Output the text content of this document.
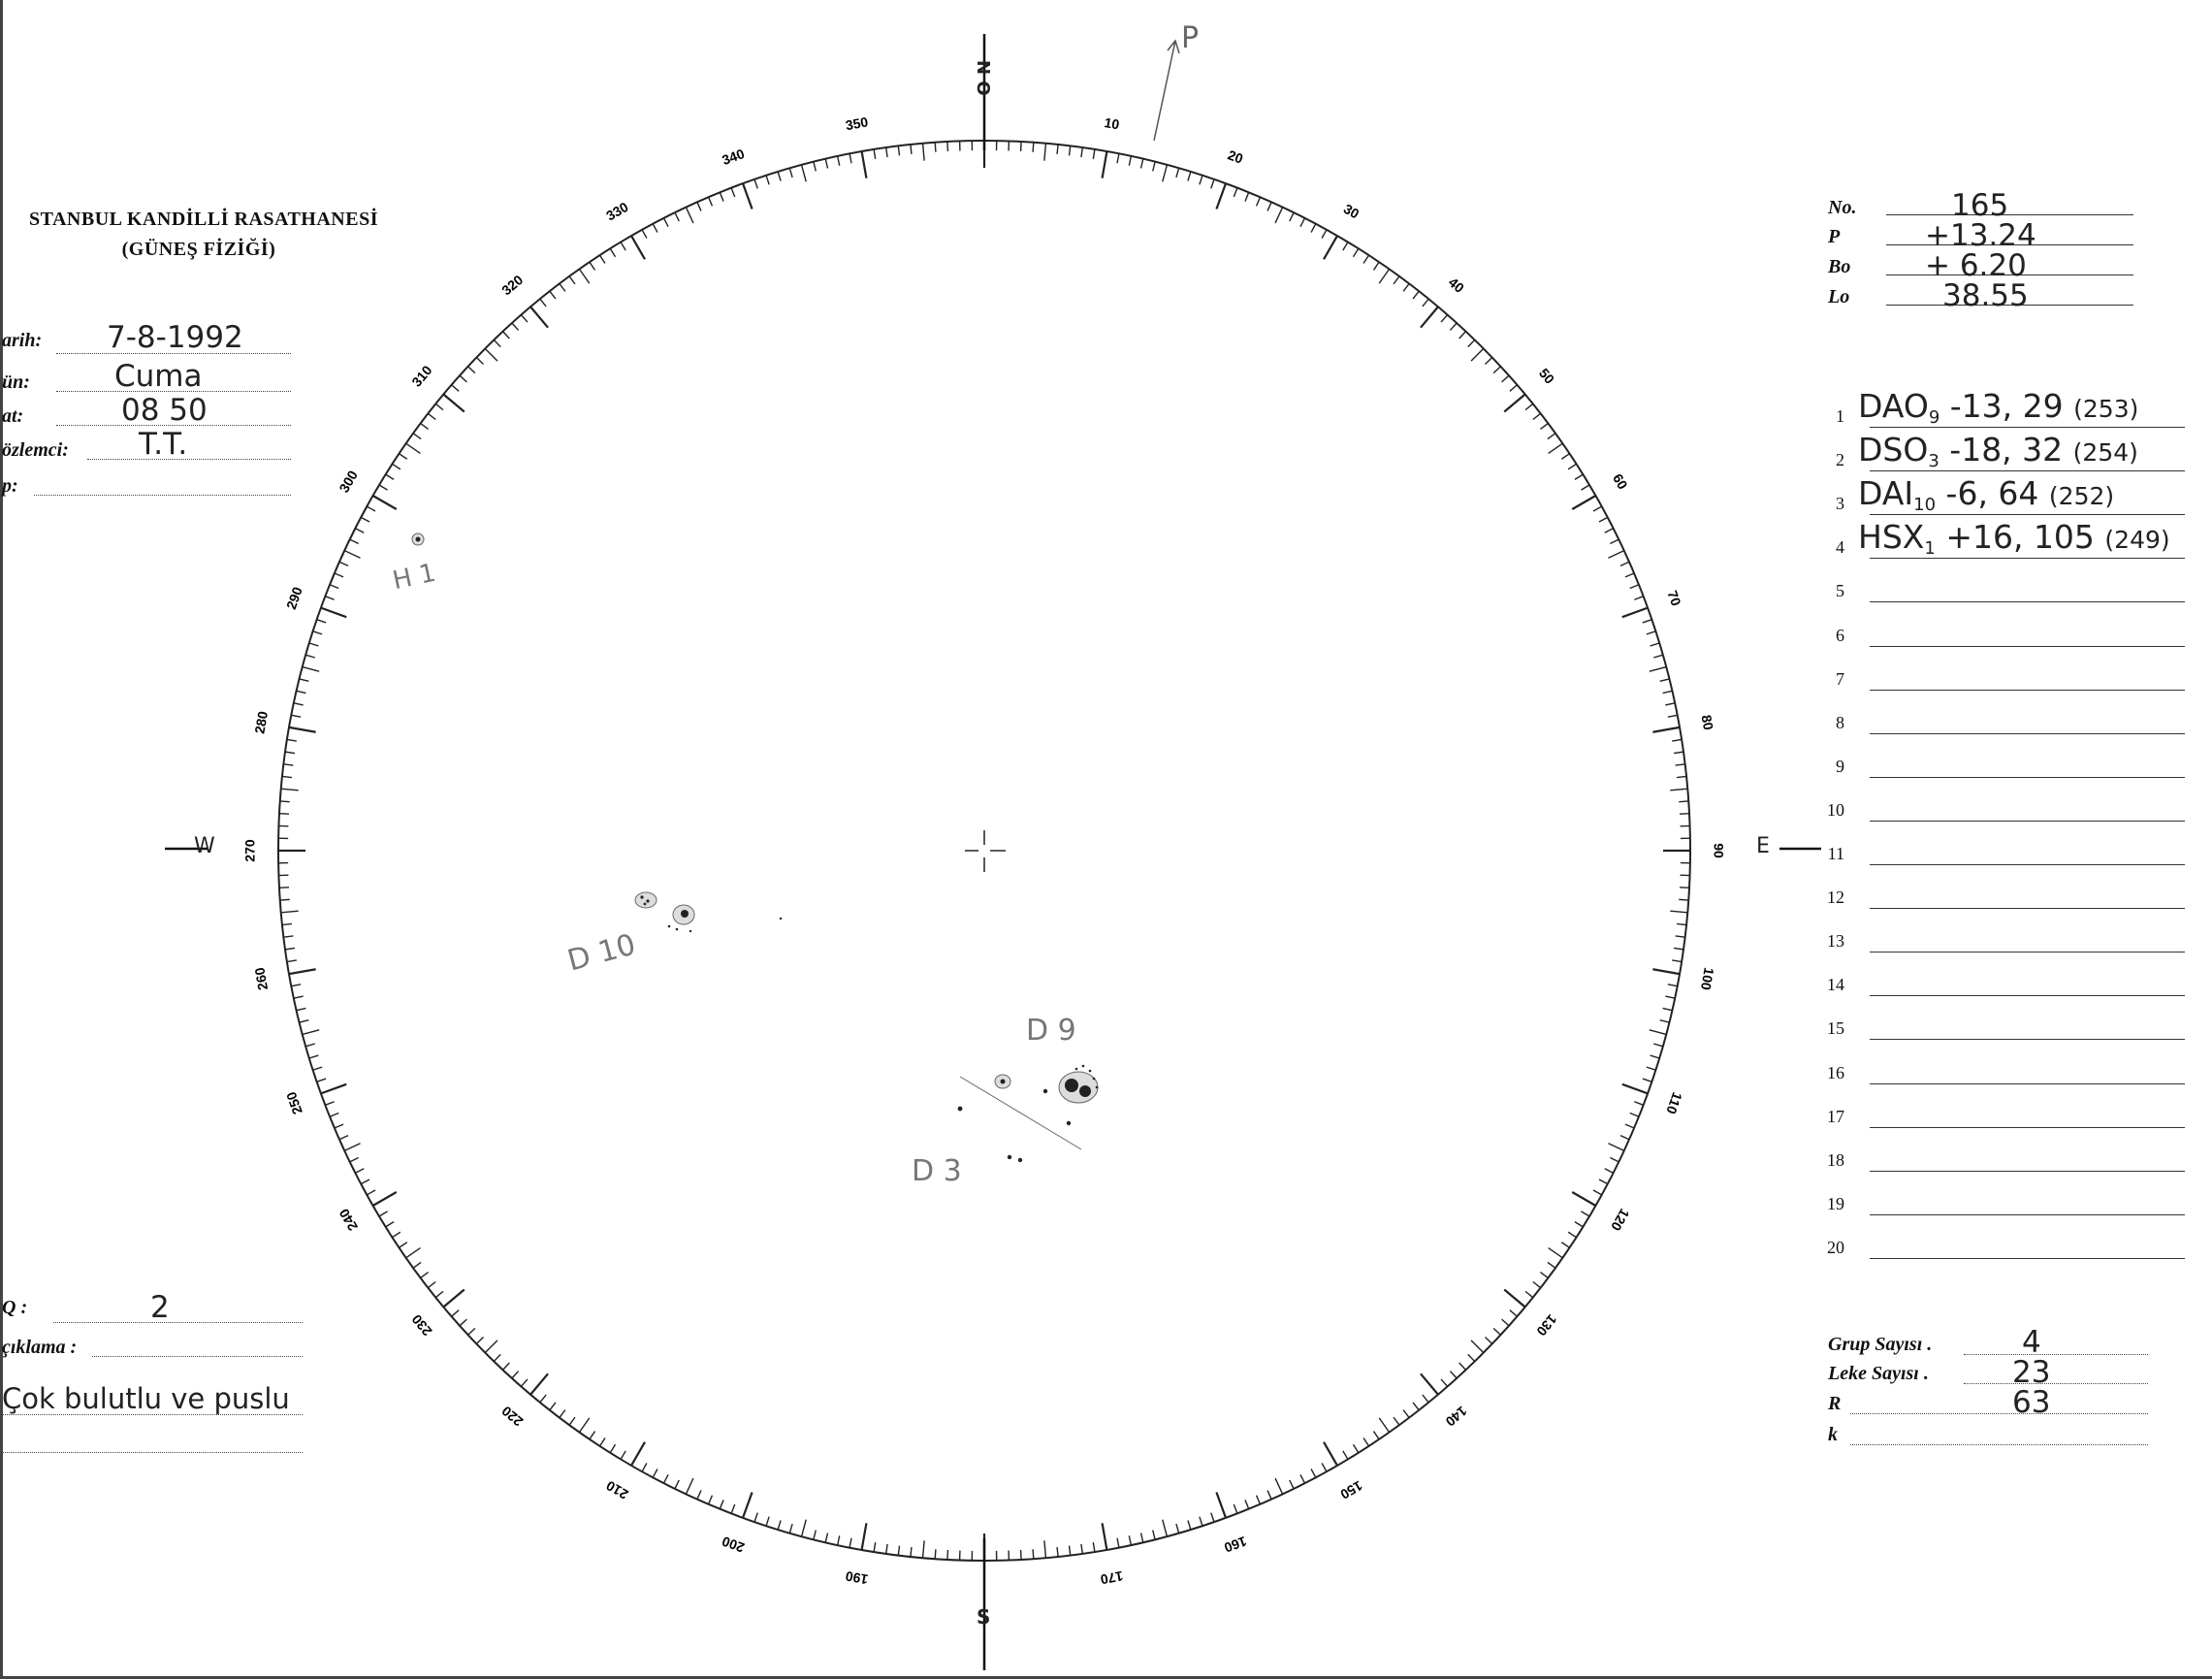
10
20
30
40
50
60
70
80
90
100
110
120
130
140
150
160
170
190
200
210
220
230
240
250
260
270
280
290
300
310
320
330
340
350
N O
S
E
W
P
H 1
D 10
D 9
D 3
STANBUL KANDİLLİ RASATHANESİ
(GÜNEŞ FİZİĞİ)
arih: 7-8-1992
ün:	Cuma
at:	08 50
özlemci: T.T.
p:
No.	165
P	+13.24
Bo + 6.20
Lo	38.55
1 $DAO_9$ -13, 29 (253)
2 $DSO_3$ -18, 32 (254)
3 $DAI_{10}$ -6, 64 (252)
4 $HSX_1 +16$, 105 (249)
5
6
7
8
9
10
11
12
13
14
15
16
17
18
19
20
Q :	2
çıklama :
Çok bulutlu ve puslu
Grup Sayısı .	4
Leke Sayısı .	23
R	63
k
